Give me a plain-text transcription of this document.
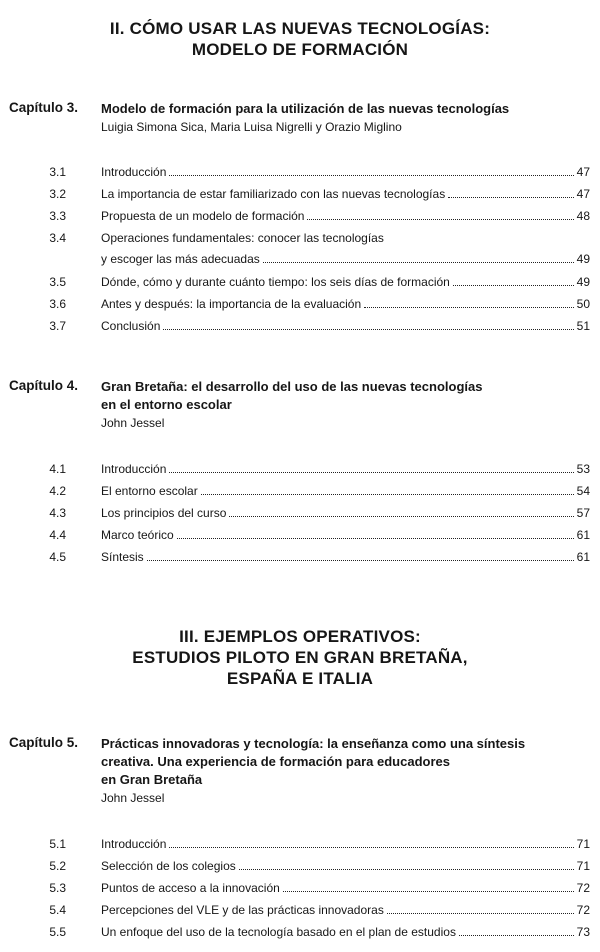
II. CÓMO USAR LAS NUEVAS TECNOLOGÍAS:
MODELO DE FORMACIÓN
Capítulo 3. Modelo de formación para la utilización de las nuevas tecnologías
Luigia Simona Sica, Maria Luisa Nigrelli y Orazio Miglino
3.1	Introducción	47
3.2	La importancia de estar familiarizado con las nuevas tecnologías	47
3.3	Propuesta de un modelo de formación	48
3.4	Operaciones fundamentales: conocer las tecnologías
y escoger las más adecuadas	49
3.5	Dónde, cómo y durante cuánto tiempo: los seis días de formación	49
3.6	Antes y después: la importancia de la evaluación	50
3.7	Conclusión	51
Capítulo 4. Gran Bretaña: el desarrollo del uso de las nuevas tecnologías
en el entorno escolar
John Jessel
4.1	Introducción	53
4.2	El entorno escolar	54
4.3	Los principios del curso	57
4.4	Marco teórico	61
4.5	Síntesis	61
III. EJEMPLOS OPERATIVOS:
ESTUDIOS PILOTO EN GRAN BRETAÑA,
ESPAÑA E ITALIA
Capítulo 5. Prácticas innovadoras y tecnología: la enseñanza como una síntesis
creativa. Una experiencia de formación para educadores
en Gran Bretaña
John Jessel
5.1	Introducción	71
5.2	Selección de los colegios	71
5.3	Puntos de acceso a la innovación	72
5.4	Percepciones del VLE y de las prácticas innovadoras	72
5.5	Un enfoque del uso de la tecnología basado en el plan de estudios	73
